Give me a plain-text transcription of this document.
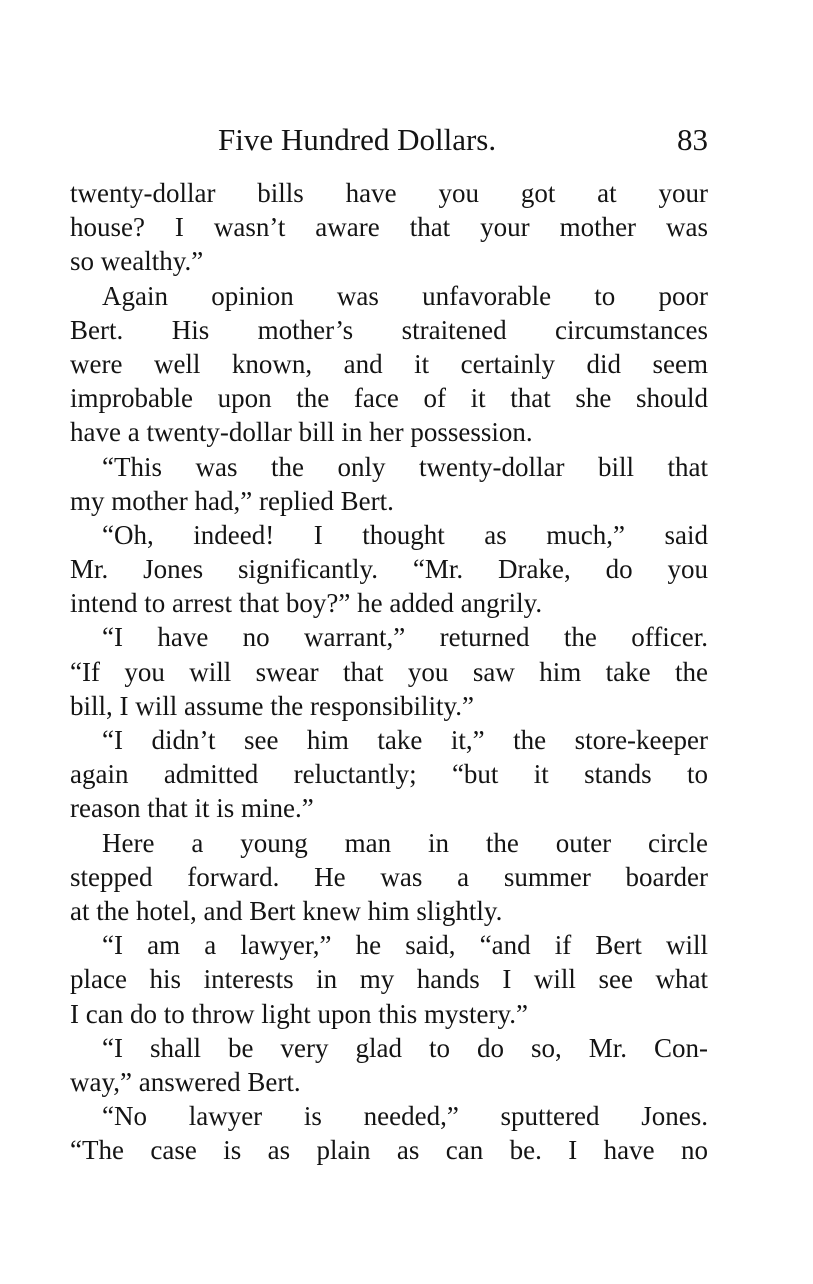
Five Hundred Dollars.	83
twenty-dollar bills have you got at your
house? I wasn’t aware that your mother was
so wealthy.”
Again opinion was unfavorable to poor
Bert. His mother’s straitened circumstances
were well known, and it certainly did seem
improbable upon the face of it that she should
have a twenty-dollar bill in her possession.
“This was the only twenty-dollar bill that
my mother had,” replied Bert.
“Oh, indeed! I thought as much,” said
Mr. Jones significantly. “Mr. Drake, do you
intend to arrest that boy?” he added angrily.
“I have no warrant,” returned the officer.
“If you will swear that you saw him take the
bill, I will assume the responsibility.”
“I didn’t see him take it,” the store-keeper
again admitted reluctantly; “but it stands to
reason that it is mine.”
Here a young man in the outer circle
stepped forward. He was a summer boarder
at the hotel, and Bert knew him slightly.
“I am a lawyer,” he said, “and if Bert will
place his interests in my hands I will see what
I can do to throw light upon this mystery.”
“I shall be very glad to do so, Mr. Con-
way,” answered Bert.
“No lawyer is needed,” sputtered Jones.
“The case is as plain as can be. I have no
